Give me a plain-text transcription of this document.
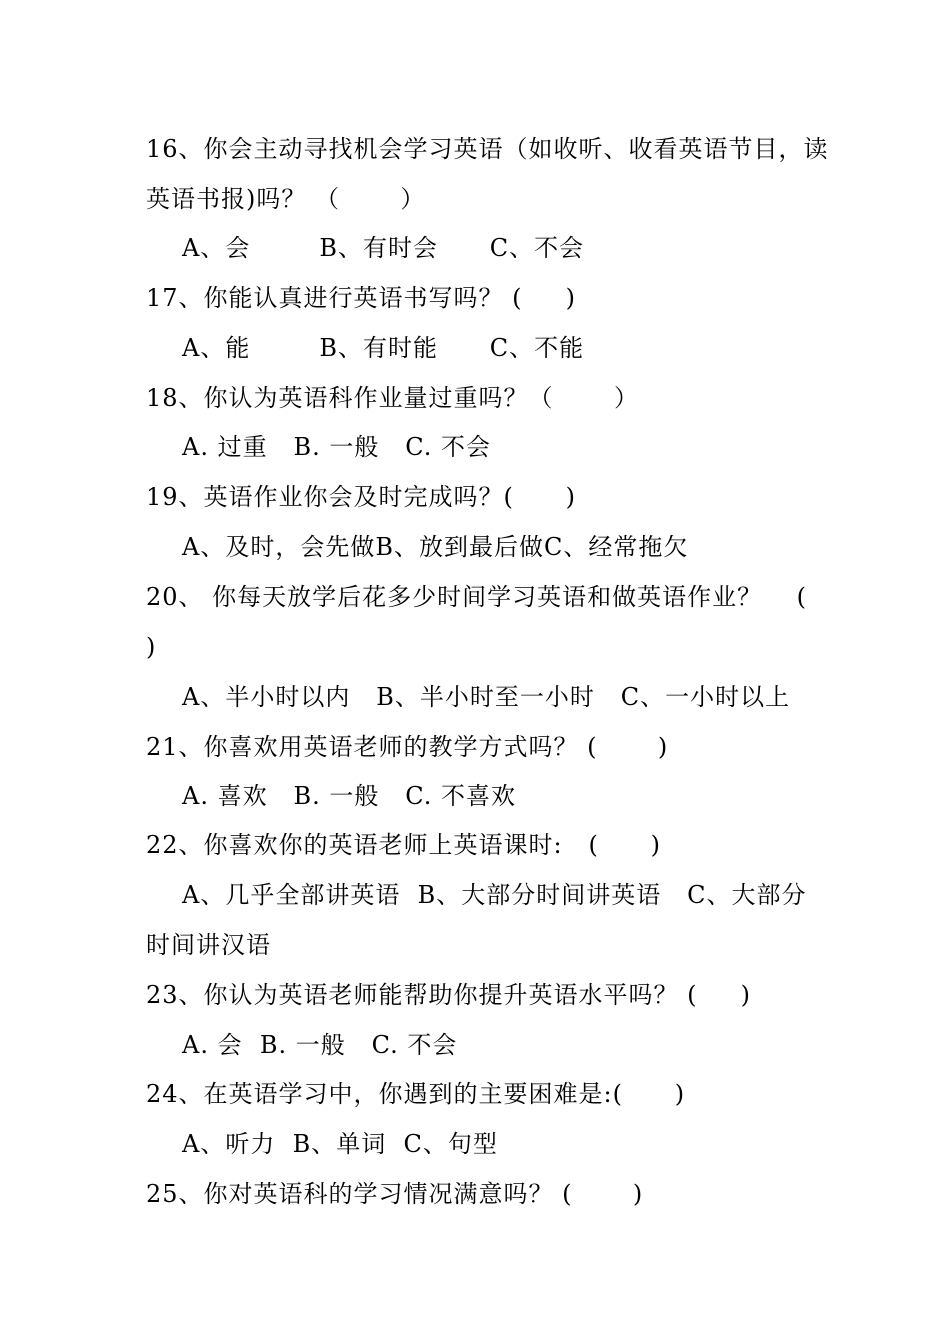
16、你会主动寻找机会学习英语（如收听、收看英语节目，读
英语书报)吗？ （       ）
A、会        B、有时会      C、不会
17、你能认真进行英语书写吗？ (     )
A、能        B、有时能      C、不能
18、你认为英语科作业量过重吗？（       ）
A. 过重   B. 一般   C. 不会
19、英语作业你会及时完成吗？(      )
A、及时，会先做B、放到最后做C、经常拖欠
20、 你每天放学后花多少时间学习英语和做英语作业？    (
)
A、半小时以内   B、半小时至一小时   C、一小时以上
21、你喜欢用英语老师的教学方式吗？ (       )
A. 喜欢   B. 一般   C. 不喜欢
22、你喜欢你的英语老师上英语课时:   (      )
A、几乎全部讲英语  B、大部分时间讲英语   C、大部分
时间讲汉语
23、你认为英语老师能帮助你提升英语水平吗？ (     )
A. 会  B. 一般   C. 不会
24、在英语学习中，你遇到的主要困难是:(      )
A、听力  B、单词  C、句型
25、你对英语科的学习情况满意吗？ (       )
